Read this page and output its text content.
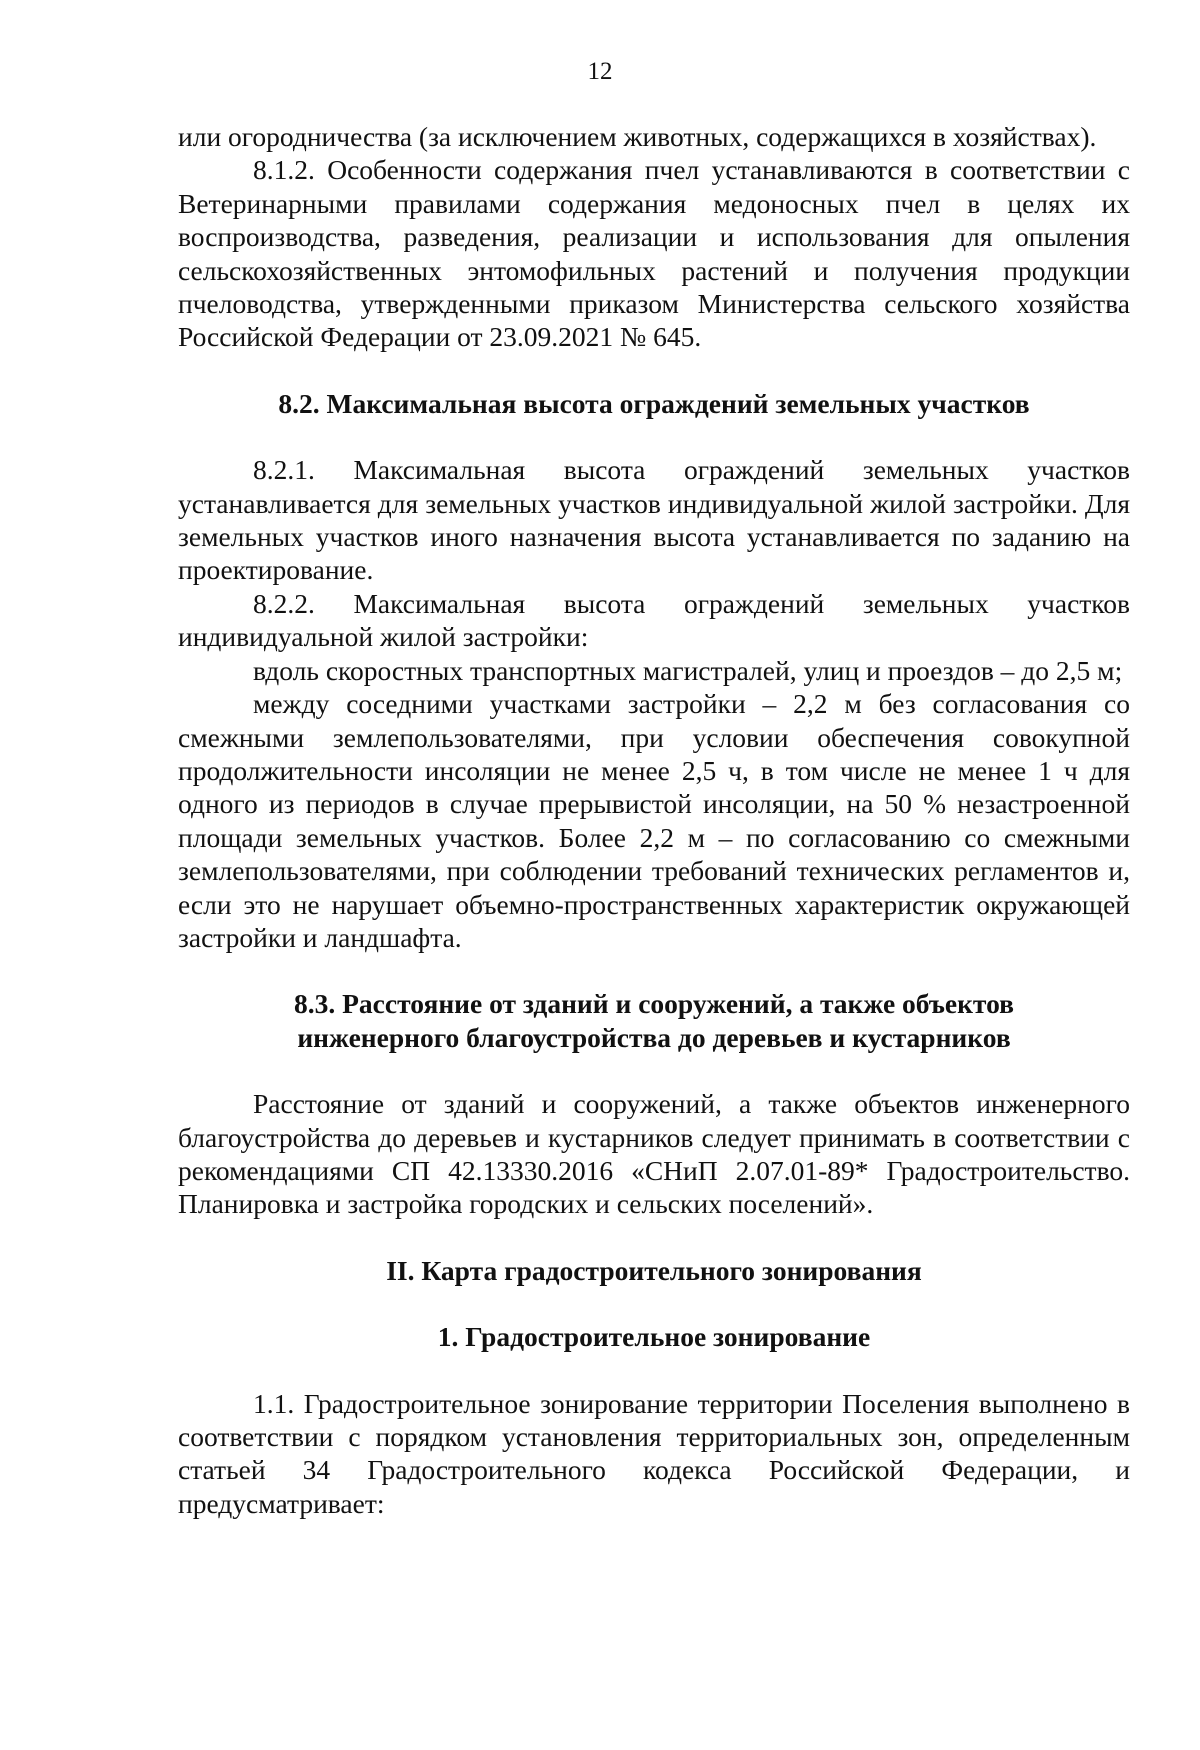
12

или огородничества (за исключением животных, содержащихся в хозяйствах).

8.1.2. Особенности содержания пчел устанавливаются в соответствии с Ветеринарными правилами содержания медоносных пчел в целях их воспроизводства, разведения, реализации и использования для опыления сельскохозяйственных энтомофильных растений и получения продукции пчеловодства, утвержденными приказом Министерства сельского хозяйства Российской Федерации от 23.09.2021 № 645.

8.2. Максимальная высота ограждений земельных участков

8.2.1. Максимальная высота ограждений земельных участков устанавливается для земельных участков индивидуальной жилой застройки. Для земельных участков иного назначения высота устанавливается по заданию на проектирование.

8.2.2. Максимальная высота ограждений земельных участков индивидуальной жилой застройки:

вдоль скоростных транспортных магистралей, улиц и проездов – до 2,5 м;

между соседними участками застройки – 2,2 м без согласования со смежными землепользователями, при условии обеспечения совокупной продолжительности инсоляции не менее 2,5 ч, в том числе не менее 1 ч для одного из периодов в случае прерывистой инсоляции, на 50 % незастроенной площади земельных участков. Более 2,2 м – по согласованию со смежными землепользователями, при соблюдении требований технических регламентов и, если это не нарушает объемно-пространственных характеристик окружающей застройки и ландшафта.

8.3. Расстояние от зданий и сооружений, а также объектов
инженерного благоустройства до деревьев и кустарников

Расстояние от зданий и сооружений, а также объектов инженерного благоустройства до деревьев и кустарников следует принимать в соответствии с рекомендациями СП 42.13330.2016 «СНиП 2.07.01-89* Градостроительство. Планировка и застройка городских и сельских поселений».

II. Карта градостроительного зонирования
1. Градостроительное зонирование

1.1. Градостроительное зонирование территории Поселения выполнено в соответствии с порядком установления территориальных зон, определенным статьей 34 Градостроительного кодекса Российской Федерации, и предусматривает:
